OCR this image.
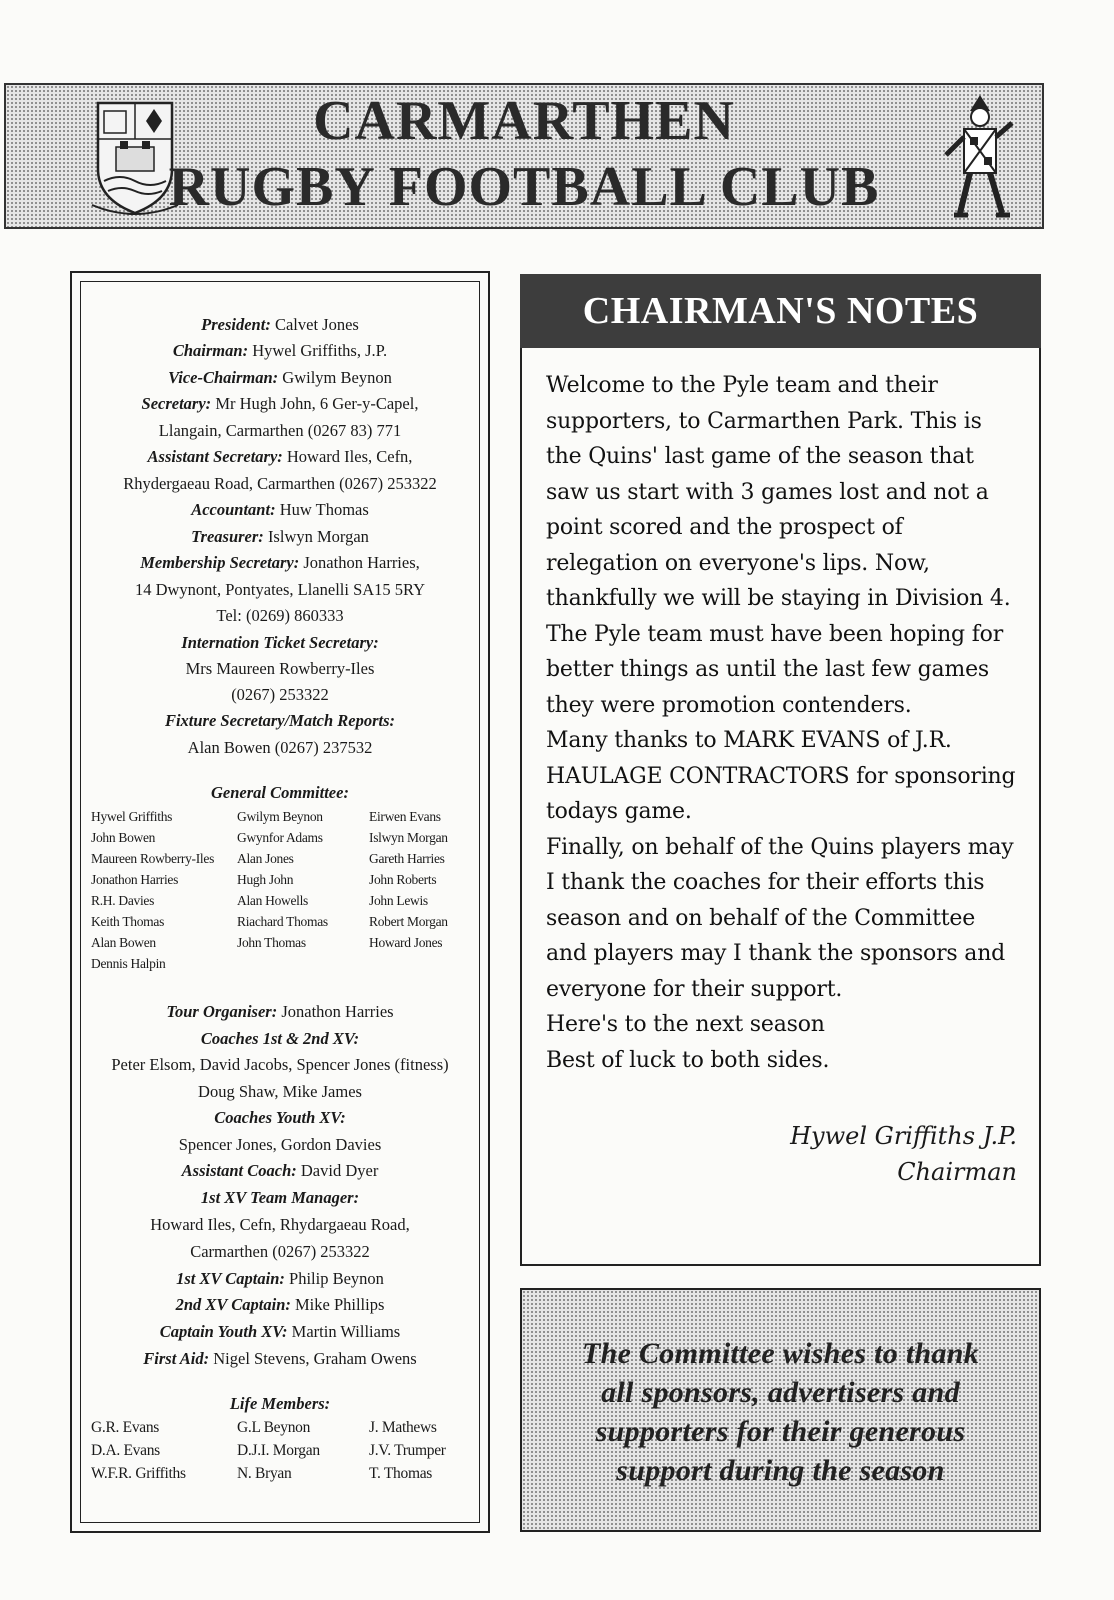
CARMARTHEN
RUGBY FOOTBALL CLUB
President: Calvet Jones
Chairman: Hywel Griffiths, J.P.
Vice-Chairman: Gwilym Beynon
Secretary: Mr Hugh John, 6 Ger-y-Capel,
Llangain, Carmarthen (0267 83) 771
Assistant Secretary: Howard Iles, Cefn,
Rhydergaeau Road, Carmarthen (0267) 253322
Accountant: Huw Thomas
Treasurer: Islwyn Morgan
Membership Secretary: Jonathon Harries,
14 Dwynont, Pontyates, Llanelli SA15 5RY
Tel: (0269) 860333
Internation Ticket Secretary:
Mrs Maureen Rowberry-Iles
(0267) 253322
Fixture Secretary/Match Reports:
Alan Bowen (0267) 237532
General Committee:
Hywel Griffiths
John Bowen
Maureen Rowberry-Iles
Jonathon Harries
R.H. Davies
Keith Thomas
Alan Bowen
Dennis Halpin
Gwilym Beynon
Gwynfor Adams
Alan Jones
Hugh John
Alan Howells
Riachard Thomas
John Thomas
Eirwen Evans
Islwyn Morgan
Gareth Harries
John Roberts
John Lewis
Robert Morgan
Howard Jones
Tour Organiser: Jonathon Harries
Coaches 1st & 2nd XV:
Peter Elsom, David Jacobs, Spencer Jones (fitness)
Doug Shaw, Mike James
Coaches Youth XV:
Spencer Jones, Gordon Davies
Assistant Coach: David Dyer
1st XV Team Manager:
Howard Iles, Cefn, Rhydargaeau Road,
Carmarthen (0267) 253322
1st XV Captain: Philip Beynon
2nd XV Captain: Mike Phillips
Captain Youth XV: Martin Williams
First Aid: Nigel Stevens, Graham Owens
Life Members:
G.R. Evans
D.A. Evans
W.F.R. Griffiths
G.L Beynon
D.J.I. Morgan
N. Bryan
J. Mathews
J.V. Trumper
T. Thomas
CHAIRMAN'S NOTES

Welcome to the Pyle team and their supporters, to Carmarthen Park. This is the Quins' last game of the season that saw us start with 3 games lost and not a point scored and the prospect of relegation on everyone's lips. Now, thankfully we will be staying in Division 4.

The Pyle team must have been hoping for better things as until the last few games they were promotion contenders.

Many thanks to MARK EVANS of J.R. HAULAGE CONTRACTORS for sponsoring todays game.

Finally, on behalf of the Quins players may I thank the coaches for their efforts this season and on behalf of the Committee and players may I thank the sponsors and everyone for their support.

Here's to the next season

Best of luck to both sides.

Hywel Griffiths J.P.
Chairman
The Committee wishes to thank
all sponsors, advertisers and
supporters for their generous
support during the season
